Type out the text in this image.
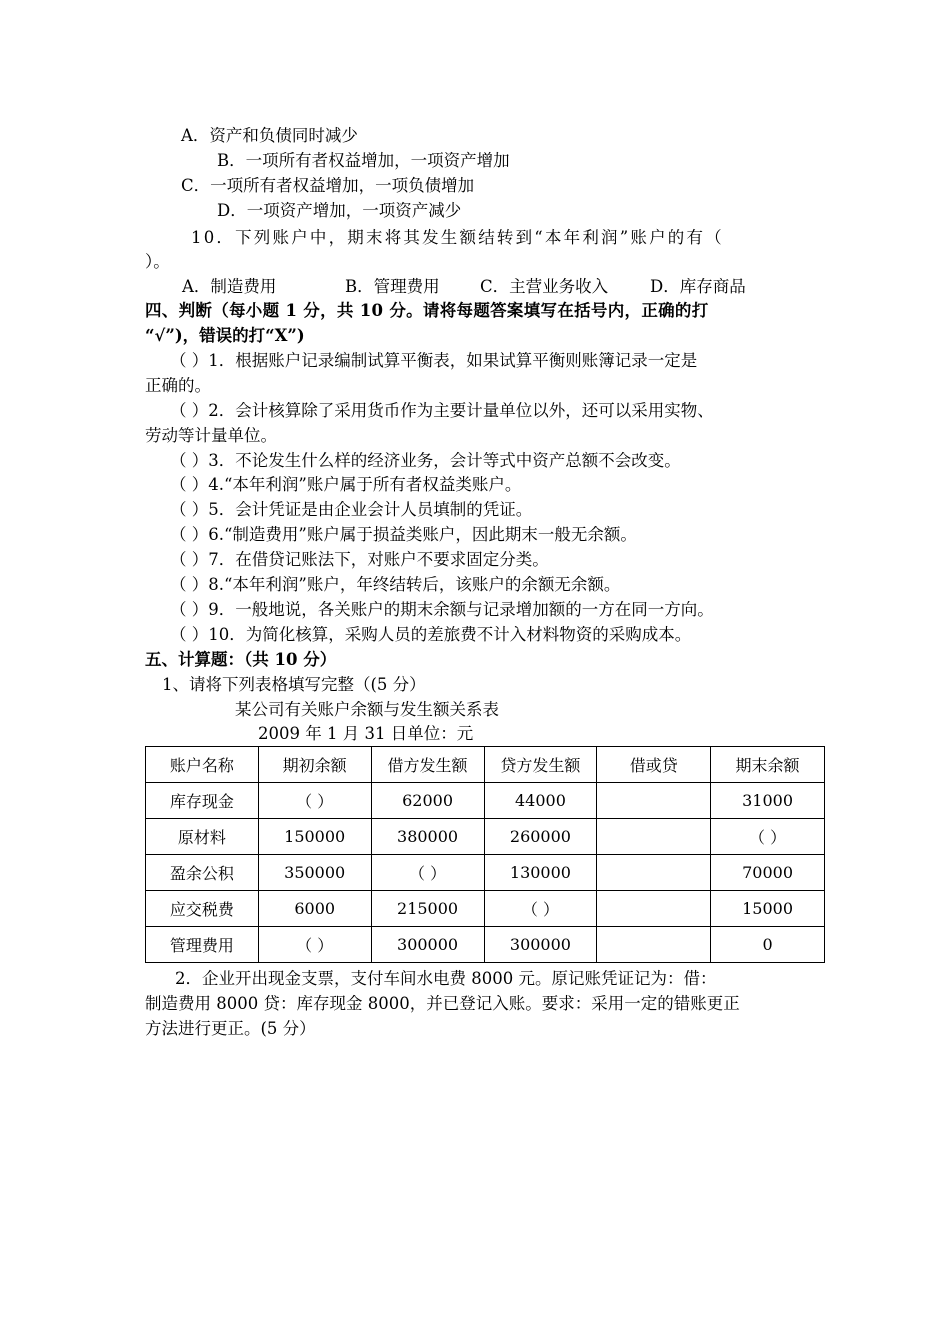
A．资产和负债同时减少
B．一项所有者权益增加，一项资产增加
C．一项所有者权益增加，一项负债增加
D．一项资产增加，一项资产减少
10．下列账户中，期末将其发生额结转到“本年利润”账户的有（
）。
A．制造费用	B．管理费用 C．主营业务收入	D．库存商品
四、判断（每小题 1 分，共 10 分。请将每题答案填写在括号内，正确的打
“√”)，错误的打“X”)
（ ）1．根据账户记录编制试算平衡表，如果试算平衡则账簿记录一定是
正确的。
（ ）2．会计核算除了采用货币作为主要计量单位以外，还可以采用实物、
劳动等计量单位。
（ ）3．不论发生什么样的经济业务，会计等式中资产总额不会改变。
（ ）4.“本年利润”账户属于所有者权益类账户。
（ ）5．会计凭证是由企业会计人员填制的凭证。
（ ）6.“制造费用”账户属于损益类账户，因此期末一般无余额。
（ ）7．在借贷记账法下，对账户不要求固定分类。
（ ）8.“本年利润”账户，年终结转后，该账户的余额无余额。
（ ）9．一般地说，各关账户的期末余额与记录增加额的一方在同一方向。
（ ）10．为简化核算，采购人员的差旅费不计入材料物资的采购成本。
五、计算题：（共 10 分）
1、请将下列表格填写完整（(5 分）
某公司有关账户余额与发生额关系表
2009 年 1 月 31 日单位：元
账户名称	期初余额	借方发生额	贷方发生额	借或贷	期末余额
库存现金	（ ）	62000	44000		31000
原材料	150000	380000	260000		（ ）
盈余公积	350000	（ ）	130000		70000
应交税费	6000	215000	（ ）		15000
管理费用	（ ）	300000	300000		0
2．企业开出现金支票，支付车间水电费 8000 元。原记账凭证记为：借：
制造费用 8000 贷：库存现金 8000，并已登记入账。要求：采用一定的错账更正
方法进行更正。(5 分）
